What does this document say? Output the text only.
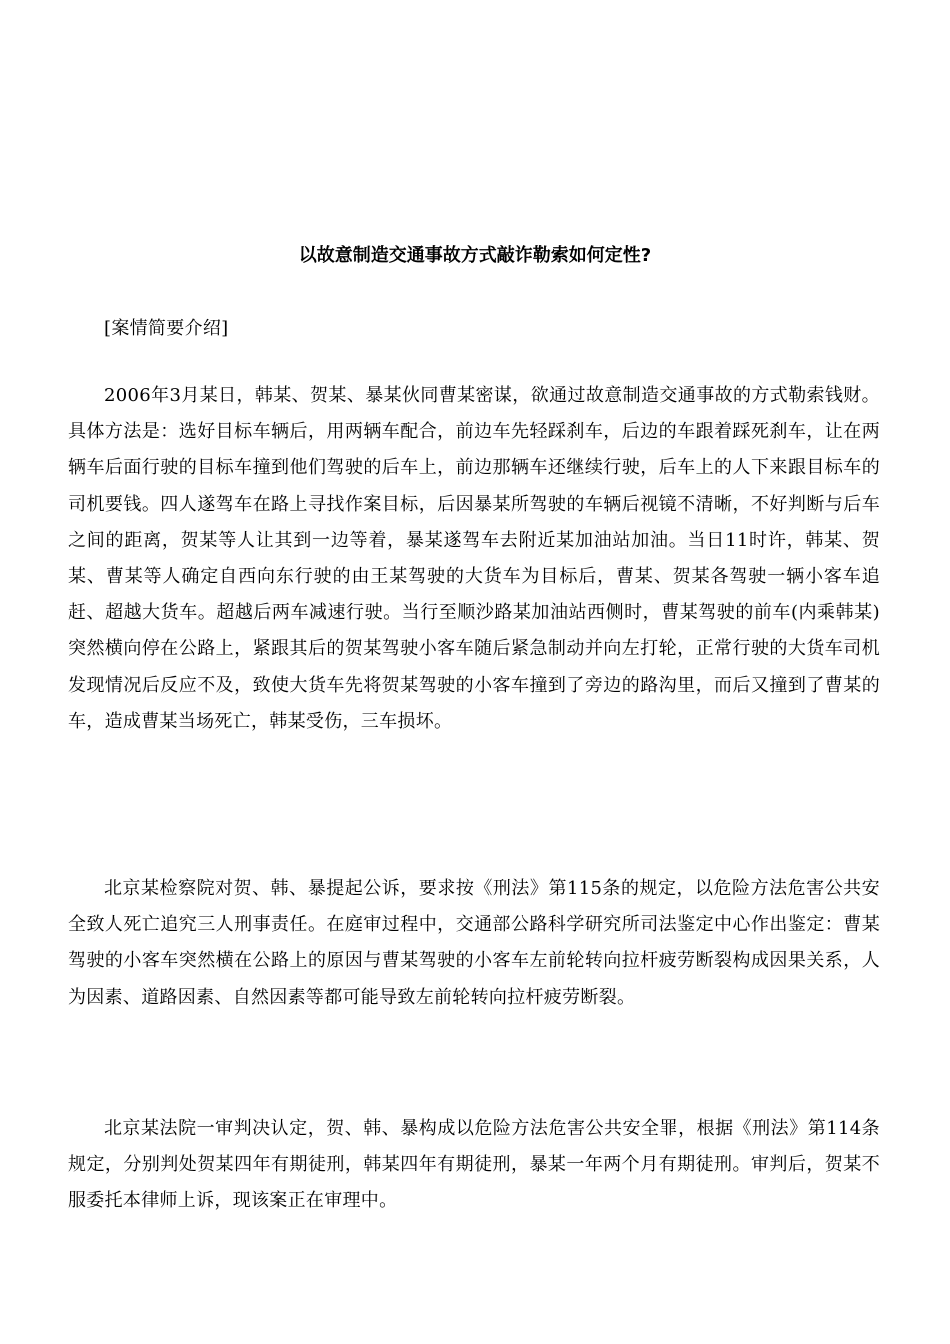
以故意制造交通事故方式敲诈勒索如何定性?

[案情简要介绍]

2006年3月某日，韩某、贺某、暴某伙同曹某密谋，欲通过故意制造交通事故的方式勒索钱财。具体方法是：选好目标车辆后，用两辆车配合，前边车先轻踩刹车，后边的车跟着踩死刹车，让在两辆车后面行驶的目标车撞到他们驾驶的后车上，前边那辆车还继续行驶，后车上的人下来跟目标车的司机要钱。四人遂驾车在路上寻找作案目标，后因暴某所驾驶的车辆后视镜不清晰，不好判断与后车之间的距离，贺某等人让其到一边等着，暴某遂驾车去附近某加油站加油。当日11时许，韩某、贺某、曹某等人确定自西向东行驶的由王某驾驶的大货车为目标后，曹某、贺某各驾驶一辆小客车追赶、超越大货车。超越后两车减速行驶。当行至顺沙路某加油站西侧时，曹某驾驶的前车(内乘韩某)突然横向停在公路上，紧跟其后的贺某驾驶小客车随后紧急制动并向左打轮，正常行驶的大货车司机发现情况后反应不及，致使大货车先将贺某驾驶的小客车撞到了旁边的路沟里，而后又撞到了曹某的车，造成曹某当场死亡，韩某受伤，三车损坏。

北京某检察院对贺、韩、暴提起公诉，要求按《刑法》第115条的规定，以危险方法危害公共安全致人死亡追究三人刑事责任。在庭审过程中，交通部公路科学研究所司法鉴定中心作出鉴定：曹某驾驶的小客车突然横在公路上的原因与曹某驾驶的小客车左前轮转向拉杆疲劳断裂构成因果关系，人为因素、道路因素、自然因素等都可能导致左前轮转向拉杆疲劳断裂。

北京某法院一审判决认定，贺、韩、暴构成以危险方法危害公共安全罪，根据《刑法》第114条规定，分别判处贺某四年有期徒刑，韩某四年有期徒刑，暴某一年两个月有期徒刑。审判后，贺某不服委托本律师上诉，现该案正在审理中。
